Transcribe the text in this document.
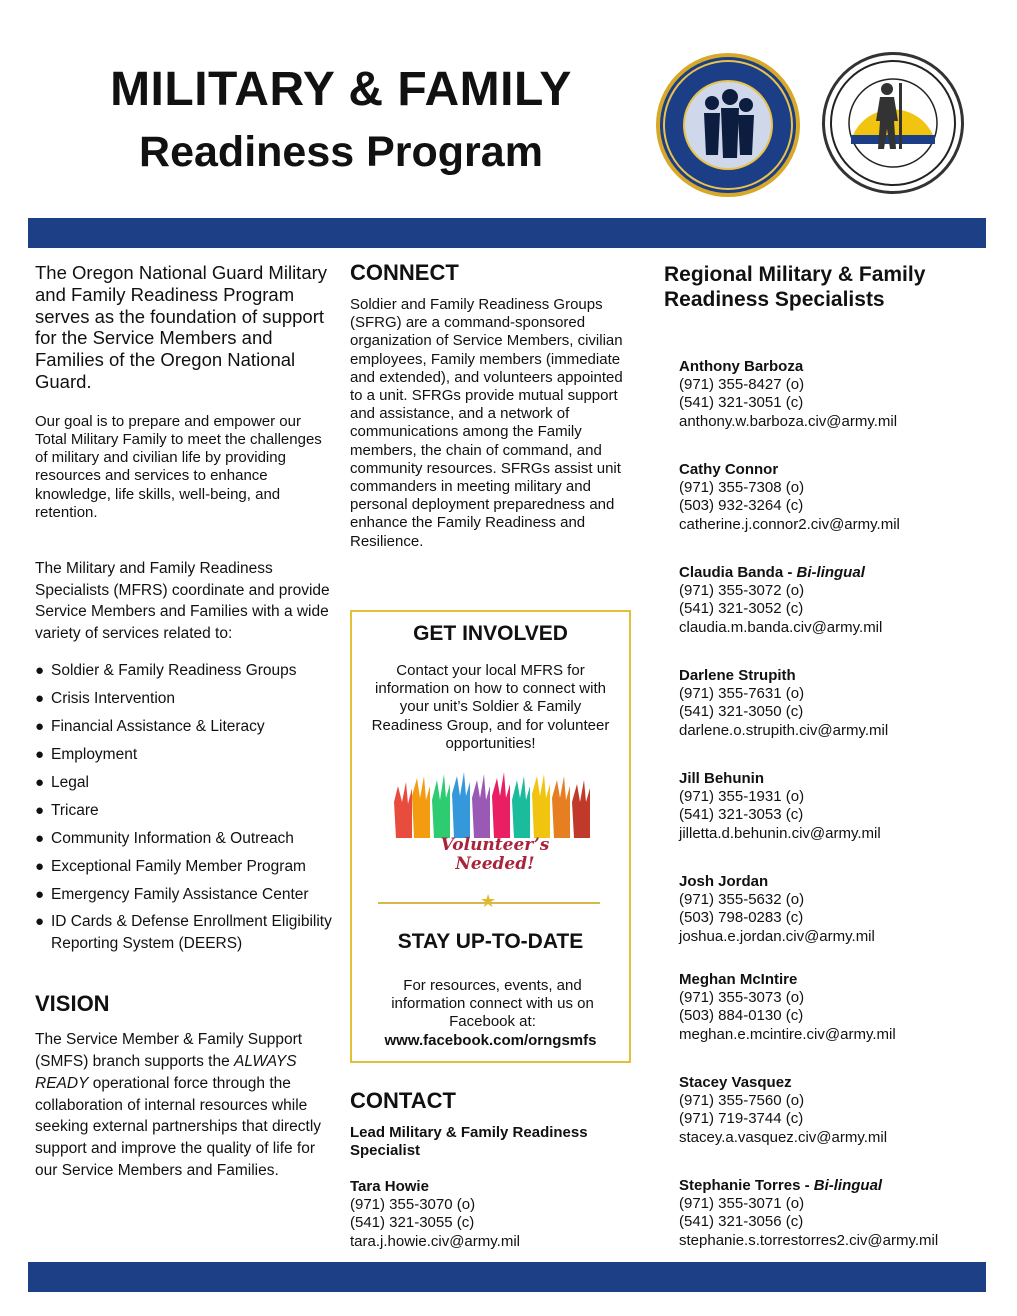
MILITARY & FAMILY
Readiness Program

The Oregon National Guard Military and Family Readiness Program serves as the foundation of support for the Service Members and Families of the Oregon National Guard.

Our goal is to prepare and empower our Total Military Family to meet the challenges of military and civilian life by providing resources and services to enhance knowledge, life skills, well-being, and retention.

The Military and Family Readiness Specialists (MFRS) coordinate and provide Service Members and Families with a wide variety of services related to:

● Soldier & Family Readiness Groups
● Crisis Intervention
● Financial Assistance & Literacy
● Employment
● Legal
● Tricare
● Community Information & Outreach
● Exceptional Family Member Program
● Emergency Family Assistance Center
● ID Cards & Defense Enrollment Eligibility Reporting System (DEERS)
VISION

The Service Member & Family Support (SMFS) branch supports the ALWAYS READY operational force through the collaboration of internal resources while seeking external partnerships that directly support and improve the quality of life for our Service Members and Families.

CONNECT

Soldier and Family Readiness Groups (SFRG) are a command-sponsored organization of Service Members, civilian employees, Family members (immediate and extended), and volunteers appointed to a unit. SFRGs provide mutual support and assistance, and a network of communications among the Family members, the chain of command, and community resources. SFRGs assist unit commanders in meeting military and personal deployment preparedness and enhance the Family Readiness and Resilience.

GET INVOLVED

Contact your local MFRS for information on how to connect with your unit’s Soldier & Family Readiness Group, and for volunteer opportunities!

Volunteer’s
Needed!
★
STAY UP-TO-DATE

For resources, events, and information connect with us on Facebook at:

www.facebook.com/orngsmfs
CONTACT

Lead Military & Family Readiness Specialist

Tara Howie
(971) 355-3070 (o)
(541) 321-3055 (c)
tara.j.howie.civ@army.mil
Regional Military & Family Readiness Specialists
Anthony Barboza
(971) 355-8427 (o)
(541) 321-3051 (c)
anthony.w.barboza.civ@army.mil
Cathy Connor
(971) 355-7308 (o)
(503) 932-3264 (c)
catherine.j.connor2.civ@army.mil
Claudia Banda - Bi-lingual
(971) 355-3072 (o)
(541) 321-3052 (c)
claudia.m.banda.civ@army.mil
Darlene Strupith
(971) 355-7631 (o)
(541) 321-3050 (c)
darlene.o.strupith.civ@army.mil
Jill Behunin
(971) 355-1931 (o)
(541) 321-3053 (c)
jilletta.d.behunin.civ@army.mil
Josh Jordan
(971) 355-5632 (o)
(503) 798-0283 (c)
joshua.e.jordan.civ@army.mil
Meghan McIntire
(971) 355-3073 (o)
(503) 884-0130 (c)
meghan.e.mcintire.civ@army.mil
Stacey Vasquez
(971) 355-7560 (o)
(971) 719-3744 (c)
stacey.a.vasquez.civ@army.mil
Stephanie Torres - Bi-lingual
(971) 355-3071 (o)
(541) 321-3056 (c)
stephanie.s.torrestorres2.civ@army.mil
